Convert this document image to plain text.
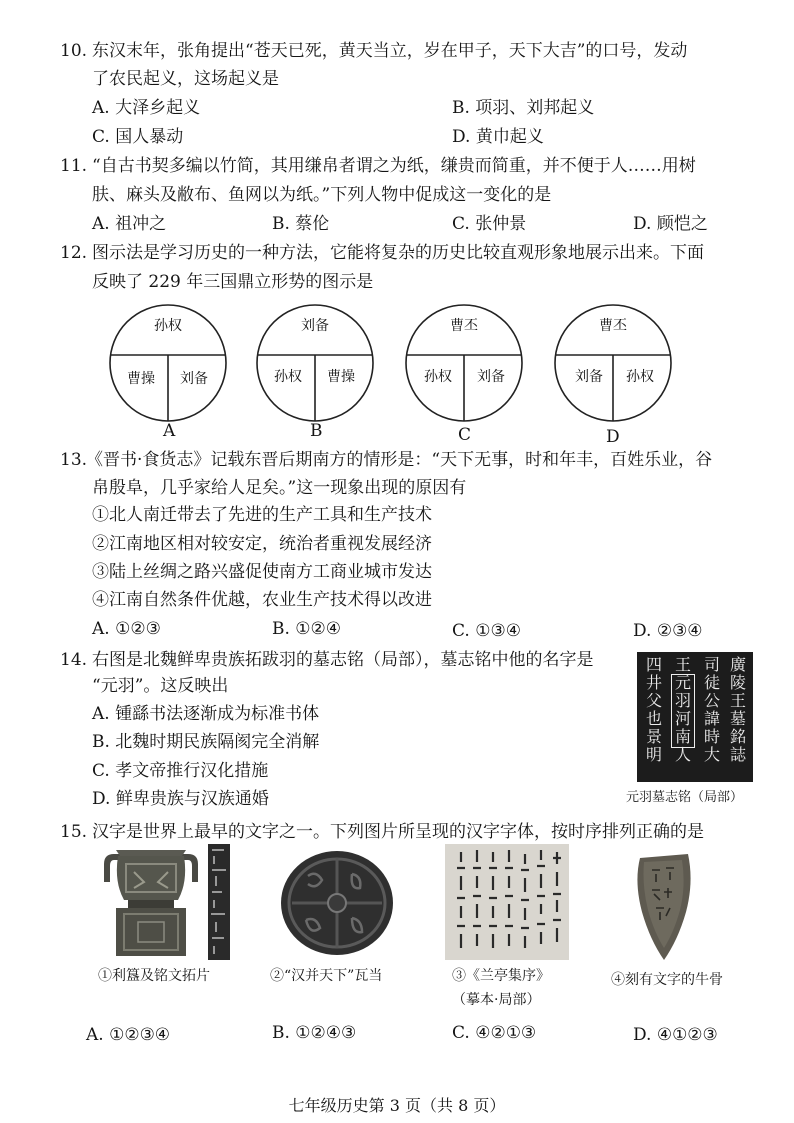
10. 东汉末年，张角提出“苍天已死，黄天当立，岁在甲子，天下大吉”的口号，发动
了农民起义，这场起义是
A. 大泽乡起义	B. 项羽、刘邦起义
C. 国人暴动	D. 黄巾起义
11. “自古书契多编以竹简，其用缣帛者谓之为纸，缣贵而简重，并不便于人……用树
肤、麻头及敝布、鱼网以为纸。”下列人物中促成这一变化的是
A. 祖冲之	B. 蔡伦	C. 张仲景	D. 顾恺之
12. 图示法是学习历史的一种方法，它能将复杂的历史比较直观形象地展示出来。下面
反映了 229 年三国鼎立形势的图示是
孙权
曹操 刘备
A
刘备
孙权 曹操
B
曹丕
孙权 刘备
C
曹丕
刘备 孙权
D
13.
《晋书·食货志》记载东晋后期南方的情形是：“天下无事，时和年丰，百姓乐业，谷
帛殷阜，几乎家给人足矣。”这一现象出现的原因有
①北人南迁带去了先进的生产工具和生产技术
②江南地区相对较安定，统治者重视发展经济
③陆上丝绸之路兴盛促使南方工商业城市发达
④江南自然条件优越，农业生产技术得以改进
A. ①②③	B. ①②④	C. ①③④	D. ②③④
14. 右图是北魏鲜卑贵族拓跋羽的墓志铭（局部），墓志铭中他的名字是
“元羽”。这反映出
A. 锺繇书法逐渐成为标准书体
B. 北魏时期民族隔阂完全消解
C. 孝文帝推行汉化措施
D. 鲜卑贵族与汉族通婚
廣陵王墓銘誌
司徒公諱時大
王元羽河南人
四井父也景明
元羽墓志铭（局部）
15. 汉字是世界上最早的文字之一。下列图片所呈现的汉字字体，按时序排列正确的是
①利簋及铭文拓片	②“汉并天下”瓦当	③《兰亭集序》
（摹本·局部）
④刻有文字的牛骨
A. ①②③④	B. ①②④③	C. ④②①③	D. ④①②③
七年级历史第 3 页（共 8 页）
